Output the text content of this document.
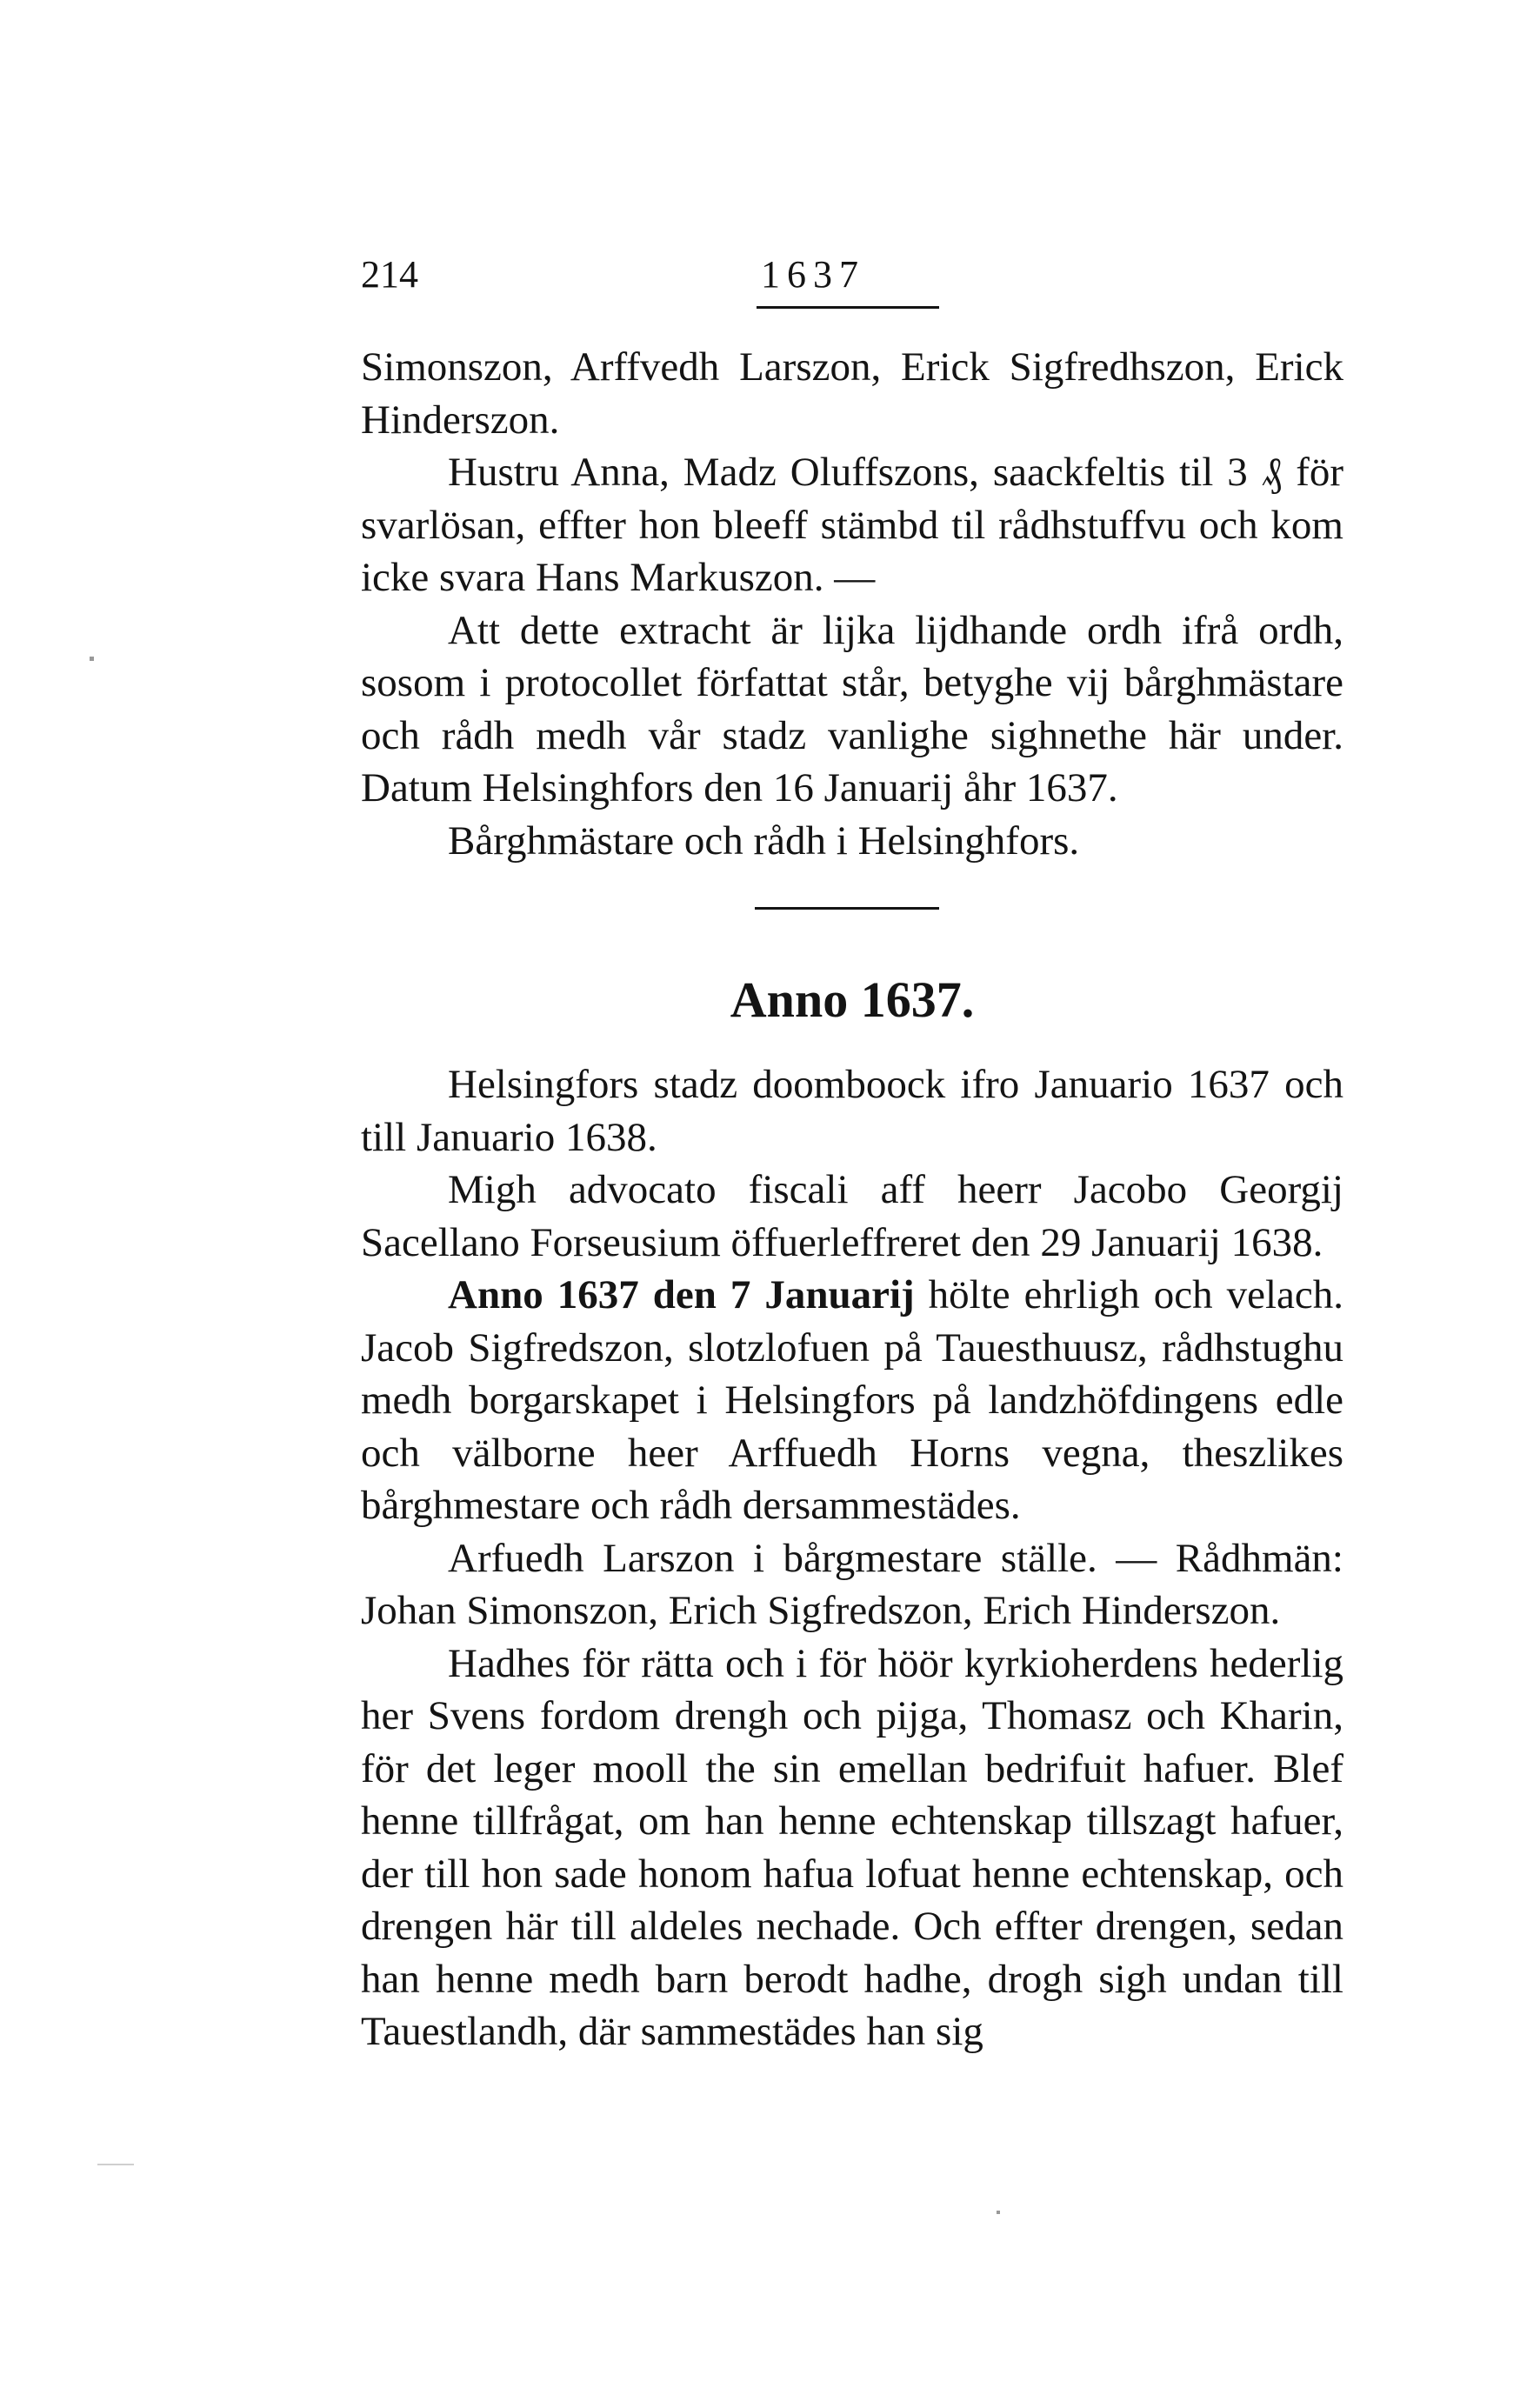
214	1637

Simonszon, Arffvedh Larszon, Erick Sigfredhszon, Erick Hinderszon.

Hustru Anna, Madz Oluffszons, saackfeltis til 3 ₰ för svarlösan, effter hon bleeff stämbd til rådhstuffvu och kom icke svara Hans Markuszon. —

Att dette extracht är lijka lijdhande ordh ifrå ordh, sosom i protocollet författat står, betyghe vij bårghmästare och rådh medh vår stadz vanlighe sighnethe här under. Datum Helsinghfors den 16 Januarij åhr 1637.

Bårghmästare och rådh i Helsinghfors.

Anno 1637.

Helsingfors stadz doomboock ifro Januario 1637 och till Januario 1638.

Migh advocato fiscali aff heerr Jacobo Georgij Sacellano Forseusium öffuerleffreret den 29 Januarij 1638.

Anno 1637 den 7 Januarij hölte ehrligh och velach. Jacob Sigfredszon, slotzlofuen på Tauesthuusz, rådhstughu medh borgarskapet i Helsingfors på landzhöfdingens edle och välborne heer Arffuedh Horns vegna, theszlikes bårghmestare och rådh dersammestädes.

Arfuedh Larszon i bårgmestare ställe. — Rådhmän: Johan Simonszon, Erich Sigfredszon, Erich Hinderszon.

Hadhes för rätta och i för höör kyrkioherdens hederlig her Svens fordom drengh och pijga, Thomasz och Kharin, för det leger mooll the sin emellan bedrifuit hafuer. Blef henne tillfrågat, om han henne echtenskap tillszagt hafuer, der till hon sade honom hafua lofuat henne echtenskap, och drengen här till aldeles nechade. Och effter drengen, sedan han henne medh barn berodt hadhe, drogh sigh undan till Tauestlandh, där sammestädes han sig
